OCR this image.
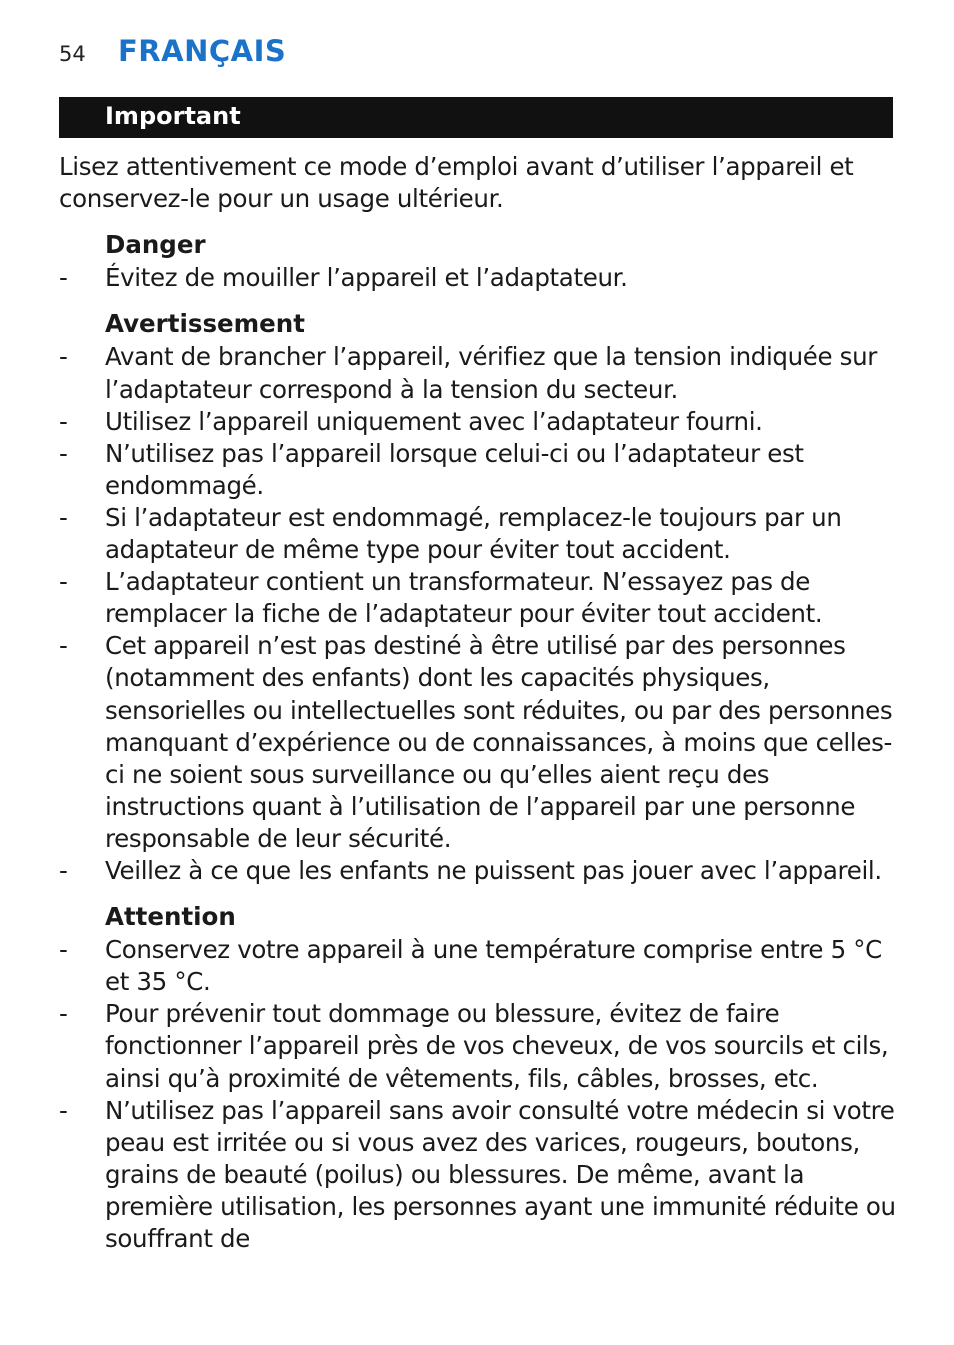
54 FRANÇAIS
Important

Lisez attentivement ce mode d’emploi avant d’utiliser l’appareil et conservez-le pour un usage ultérieur.

Danger
- Évitez de mouiller l’appareil et l’adaptateur.
Avertissement
- Avant de brancher l’appareil, vérifiez que la tension indiquée sur l’adaptateur correspond à la tension du secteur.
- Utilisez l’appareil uniquement avec l’adaptateur fourni.
- N’utilisez pas l’appareil lorsque celui-ci ou l’adaptateur est endommagé.
- Si l’adaptateur est endommagé, remplacez-le toujours par un adaptateur de même type pour éviter tout accident.
- L’adaptateur contient un transformateur. N’essayez pas de remplacer la fiche de l’adaptateur pour éviter tout accident.
- Cet appareil n’est pas destiné à être utilisé par des personnes (notamment des enfants) dont les capacités physiques, sensorielles ou intellectuelles sont réduites, ou par des personnes manquant d’expérience ou de connaissances, à moins que celles-ci ne soient sous surveillance ou qu’elles aient reçu des instructions quant à l’utilisation de l’appareil par une personne responsable de leur sécurité.
- Veillez à ce que les enfants ne puissent pas jouer avec l’appareil.
Attention
- Conservez votre appareil à une température comprise entre 5 °C et 35 °C.
- Pour prévenir tout dommage ou blessure, évitez de faire fonctionner l’appareil près de vos cheveux, de vos sourcils et cils, ainsi qu’à proximité de vêtements, fils, câbles, brosses, etc.
- N’utilisez pas l’appareil sans avoir consulté votre médecin si votre peau est irritée ou si vous avez des varices, rougeurs, boutons, grains de beauté (poilus) ou blessures. De même, avant la première utilisation, les personnes ayant une immunité réduite ou souffrant de
